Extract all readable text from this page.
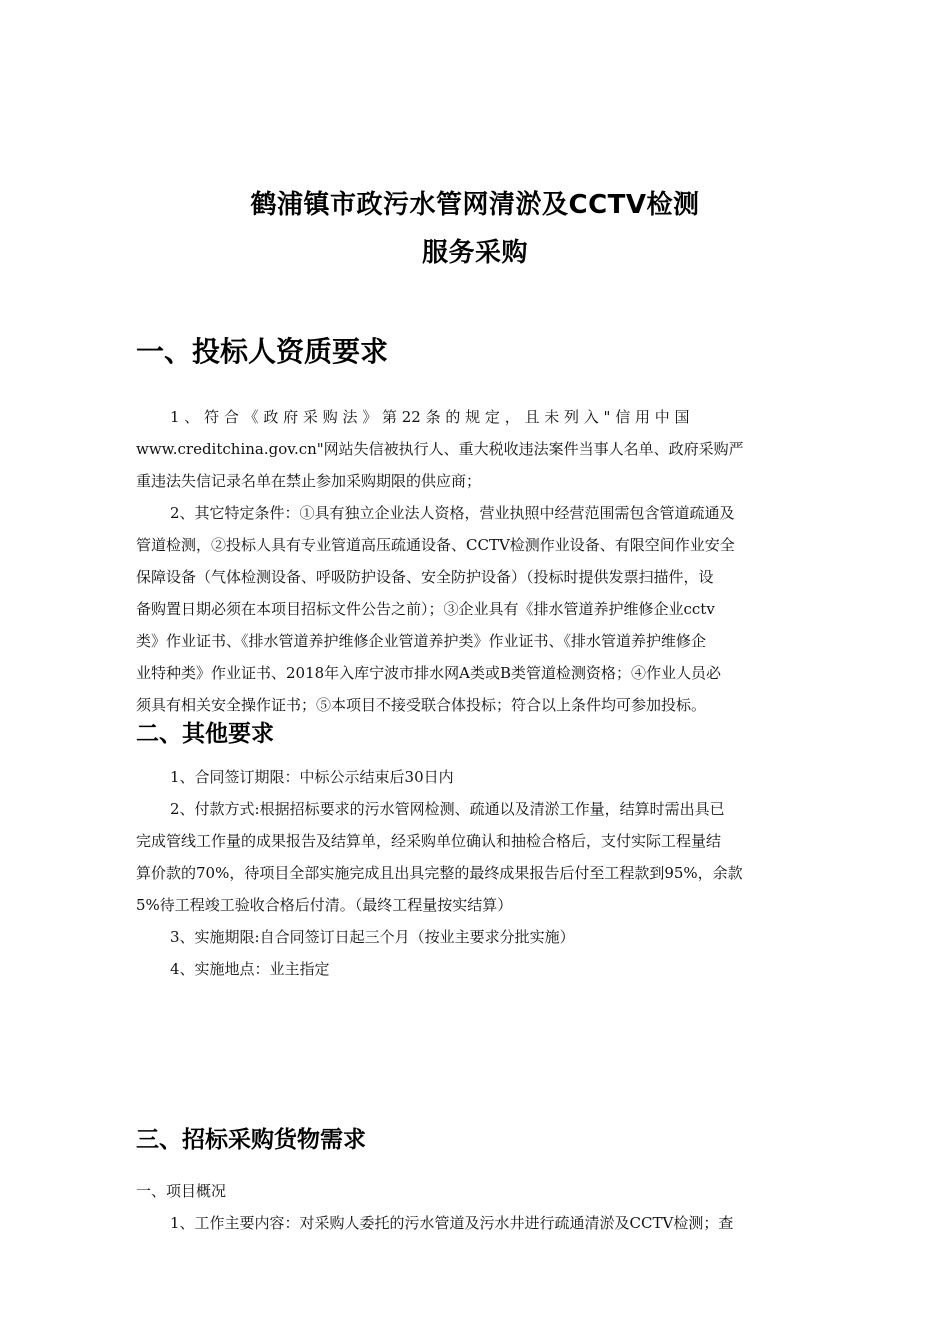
鹤浦镇市政污水管网清淤及CCTV检测
服务采购
一、投标人资质要求
1 、 符 合 《 政 府 采 购 法 》 第 22 条 的 规 定 ， 且 未 列 入 " 信 用 中 国
www.creditchina.gov.cn"网站失信被执行人、重大税收违法案件当事人名单、政府采购严
重违法失信记录名单在禁止参加采购期限的供应商；
2、其它特定条件：①具有独立企业法人资格，营业执照中经营范围需包含管道疏通及
管道检测，②投标人具有专业管道高压疏通设备、CCTV检测作业设备、有限空间作业安全
保障设备（气体检测设备、呼吸防护设备、安全防护设备）（投标时提供发票扫描件，设
备购置日期必须在本项目招标文件公告之前）；③企业具有《排水管道养护维修企业cctv
类》作业证书、《排水管道养护维修企业管道养护类》作业证书、《排水管道养护维修企
业特种类》作业证书、2018年入库宁波市排水网A类或B类管道检测资格；④作业人员必
须具有相关安全操作证书；⑤本项目不接受联合体投标；符合以上条件均可参加投标。
二、其他要求
1、合同签订期限：中标公示结束后30日内
2、付款方式:根据招标要求的污水管网检测、疏通以及清淤工作量，结算时需出具已
完成管线工作量的成果报告及结算单，经采购单位确认和抽检合格后，支付实际工程量结
算价款的70%，待项目全部实施完成且出具完整的最终成果报告后付至工程款到95%，余款
5%待工程竣工验收合格后付清。（最终工程量按实结算）
3、实施期限:自合同签订日起三个月（按业主要求分批实施）
4、实施地点：业主指定
三、招标采购货物需求
一、项目概况
1、工作主要内容：对采购人委托的污水管道及污水井进行疏通清淤及CCTV检测；查
